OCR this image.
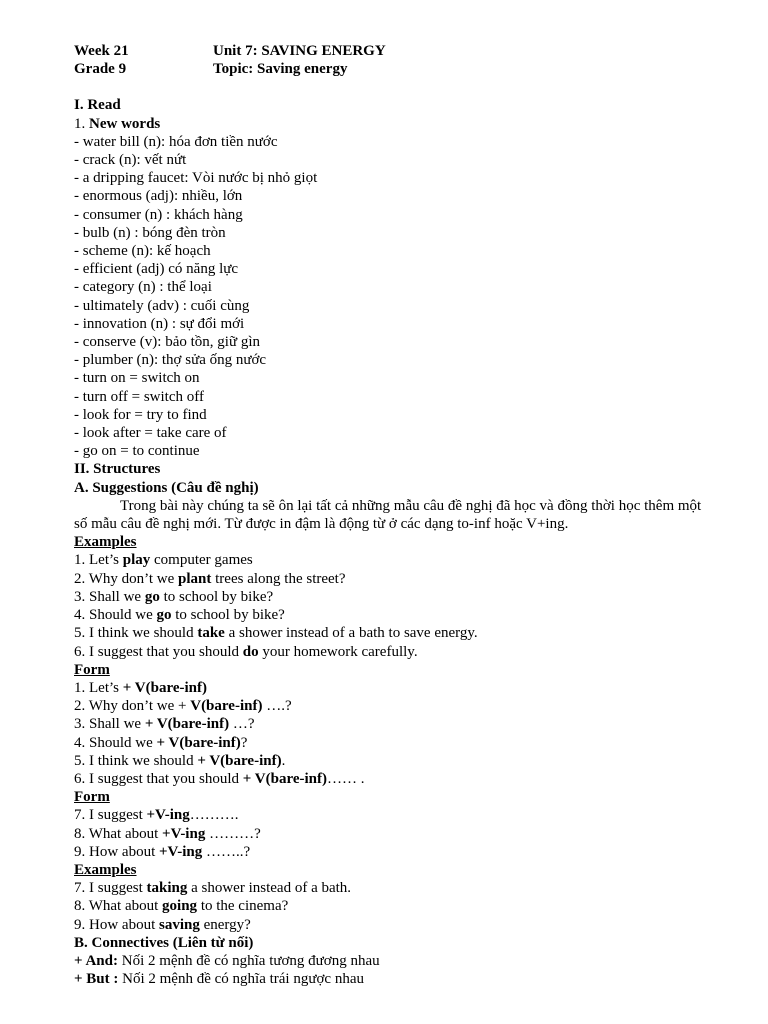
Week 21	Unit 7: SAVING ENERGY
Grade 9	Topic: Saving energy
I. Read
1. New words
- water bill (n): hóa đơn tiền nước
- crack (n): vết nứt
- a dripping faucet: Vòi nước bị nhỏ giọt
- enormous (adj): nhiều, lớn
- consumer (n) : khách hàng
- bulb (n) : bóng đèn tròn
- scheme (n): kế hoạch
- efficient (adj) có năng lực
- category (n) : thể loại
- ultimately (adv) : cuối cùng
- innovation (n) : sự đổi mới
- conserve (v): bảo tồn, giữ gìn
- plumber (n): thợ sửa ống nước
- turn on = switch on
- turn off = switch off
- look for = try to find
- look after = take care of
- go on = to continue
II. Structures
A. Suggestions (Câu đề nghị)
Trong bài này chúng ta sẽ ôn lại tất cả những mẫu câu đề nghị đã học và đồng thời học thêm một số mẫu câu đề nghị mới. Từ được in đậm là động từ ở các dạng to-inf hoặc V+ing.
Examples
1. Let’s play computer games
2. Why don’t we plant trees along the street?
3. Shall we go to school by bike?
4. Should we go to school by bike?
5. I think we should take a shower instead of a bath to save energy.
6. I suggest that you should do your homework carefully.
Form
1. Let’s + V(bare-inf)
2. Why don’t we + V(bare-inf) ….?
3. Shall we + V(bare-inf) …?
4. Should we + V(bare-inf)?
5. I think we should + V(bare-inf).
6. I suggest that you should + V(bare-inf)…… .
Form
7. I suggest +V-ing……….
8. What about +V-ing ………?
9. How about +V-ing ……..?
Examples
7. I suggest taking a shower instead of a bath.
8. What about going to the cinema?
9. How about saving energy?
B. Connectives (Liên từ nối)
+ And: Nối 2 mệnh đề có nghĩa tương đương nhau
+ But : Nối 2 mệnh đề có nghĩa trái ngược nhau
